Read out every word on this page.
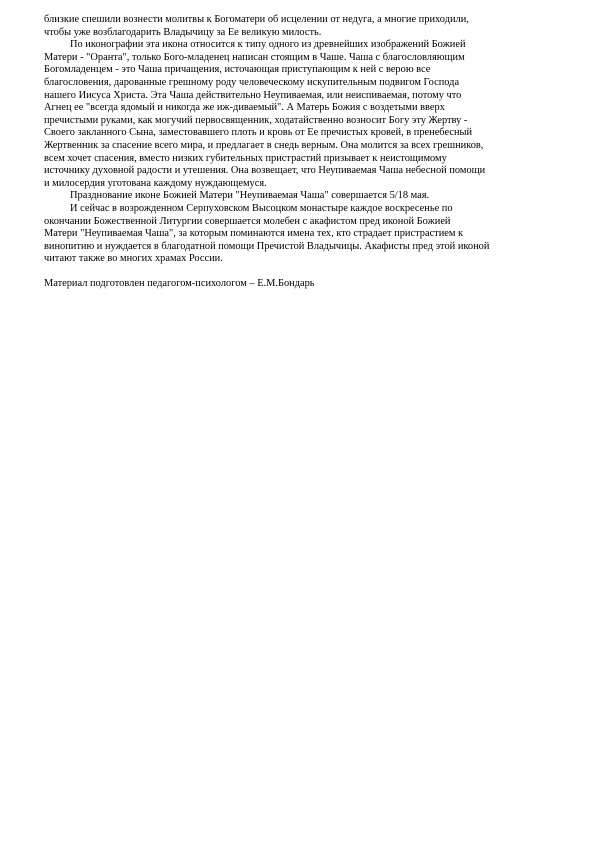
близкие спешили вознести молитвы к Богоматери об исцелении от недуга, а многие приходили,
чтобы уже возблагодарить Владычицу за Ее великую милость.
По иконографии эта икона относится к типу одного из древнейших изображений Божией
Матери - "Оранта", только Бого-младенец написан стоящим в Чаше. Чаша с благословляющим
Богомладенцем - это Чаша причащения, источающая приступающим к ней с верою все
благословения, дарованные грешному роду человеческому искупительным подвигом Господа
нашего Иисуса Христа. Эта Чаша действительно Неупиваемая, или неиспиваемая, потому что
Агнец ее "всегда ядомый и никогда же иж-диваемый". А Матерь Божия с воздетыми вверх
пречистыми руками, как могучий первосвященник, ходатайственно возносит Богу эту Жертву -
Своего закланного Сына, заместовавшего плоть и кровь от Ее пречистых кровей, в пренебесный
Жертвенник за спасение всего мира, и предлагает в снедь верным. Она молится за всех грешников,
всем хочет спасения, вместо низких губительных пристрастий призывает к неистощимому
источнику духовной радости и утешения. Она возвещает, что Неупиваемая Чаша небесной помощи
и милосердия уготована каждому нуждающемуся.
Празднование иконе Божией Матери "Неупиваемая Чаша" совершается 5/18 мая.
И сейчас в возрожденном Серпуховском Высоцком монастыре каждое воскресенье по
окончании Божественной Литургии совершается молебен с акафистом пред иконой Божией
Матери "Неупиваемая Чаша", за которым поминаются имена тех, кто страдает пристрастием к
винопитию и нуждается в благодатной помощи Пречистой Владычицы. Акафисты пред этой иконой
читают также во многих храмах России.
Материал подготовлен педагогом-психологом – Е.М.Бондарь
